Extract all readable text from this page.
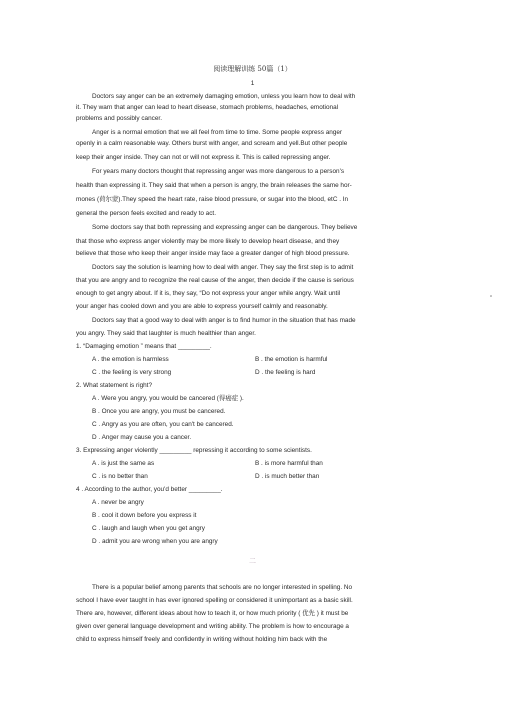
阅读理解训练 50篇（1）
1
Doctors say anger can be an extremely damaging emotion, unless you learn how to deal with
it. They warn that anger can lead to heart disease, stomach problems, headaches, emotional
problems and possibly cancer.
Anger is a normal emotion that we all feel from time to time. Some people express anger
openly in a calm reasonable way. Others burst with anger, and scream and yell.But other people
keep their anger inside. They can not or will not express it. This is called repressing anger.
For years many doctors thought that repressing anger was more dangerous to a person's
health than expressing it. They said that when a person is angry, the brain releases the same hor-
mones (荷尔蒙).They speed the heart rate, raise blood pressure, or sugar into the blood, etC . In
general the person feels excited and ready to act.
Some doctors say that both repressing and expressing anger can be dangerous. They believe
that those who express anger violently may be more likely to develop heart disease, and they
believe that those who keep their anger inside may face a greater danger of high blood pressure.
Doctors say the solution is learning how to deal with anger. They say the first step is to admit
that you are angry and to recognize the real cause of the anger, then decide if the cause is serious
enough to get angry about. If it is, they say, “Do not express your anger while angry. Wait until
your anger has cooled down and you are able to express yourself calmly and reasonably.
”
Doctors say that a good way to deal with anger is to find humor in the situation that has made
you angry. They said that laughter is much healthier than anger.
1. “Damaging emotion ” means that _________.
A . the emotion is harmless	B . the emotion is harmful
C . the feeling is very strong	D . the feeling is hard
2. What statement is right?
A . Were you angry, you would be cancered (得癌症 ).
B . Once you are angry, you must be cancered.
C . Angry as you are often, you can't be cancered.
D . Anger may cause you a cancer.
3. Expressing anger violently _________ repressing it according to some scientists.
A . is just the same as	B . is more harmful than
C . is no better than	D . is much better than
4 . According to the author, you'd better _________.
A . never be angry
B . cool it down before you express it
C . laugh and laugh when you get angry
D . admit you are wrong when you are angry
二
There is a popular belief among parents that schools are no longer interested in spelling. No
school I have ever taught in has ever ignored spelling or considered it unimportant as a basic skill.
There are, however, different ideas about how to teach it, or how much priority ( 优先 ) it must be
given over general language development and writing ability. The problem is how to encourage a
child to express himself freely and confidently in writing without holding him back with the
